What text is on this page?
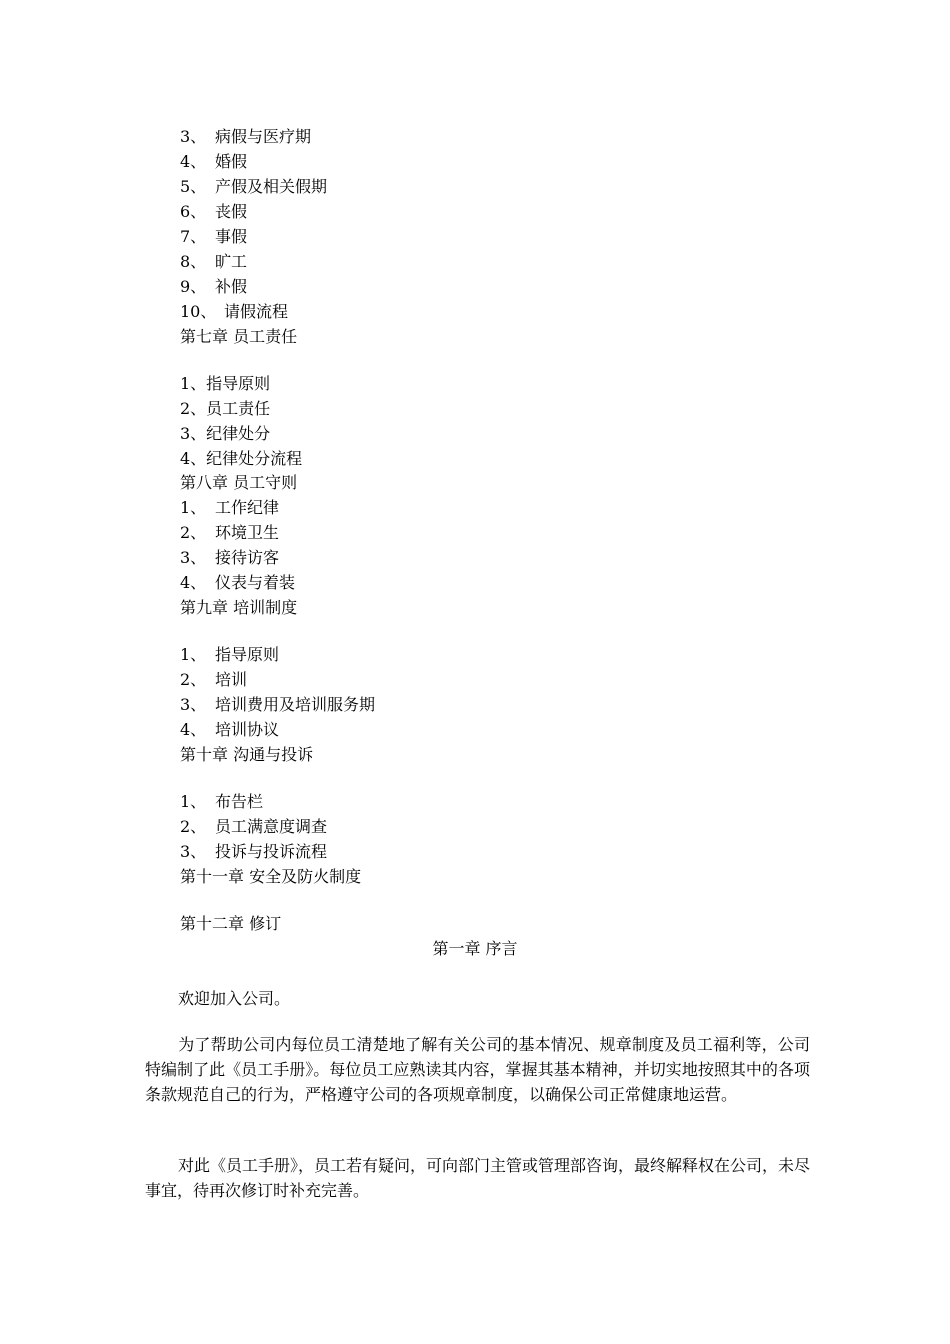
3、 病假与医疗期
4、 婚假
5、 产假及相关假期
6、 丧假
7、 事假
8、 旷工
9、 补假
10、 请假流程
第七章 员工责任
1、指导原则
2、员工责任
3、纪律处分
4、纪律处分流程
第八章 员工守则
1、 工作纪律
2、 环境卫生
3、 接待访客
4、 仪表与着装
第九章 培训制度
1、 指导原则
2、 培训
3、 培训费用及培训服务期
4、 培训协议
第十章 沟通与投诉
1、 布告栏
2、 员工满意度调查
3、 投诉与投诉流程
第十一章 安全及防火制度
第十二章 修订
第一章 序言
欢迎加入公司。
为了帮助公司内每位员工清楚地了解有关公司的基本情况、规章制度及员工福利等，公司特编制了此《员工手册》。每位员工应熟读其内容，掌握其基本精神，并切实地按照其中的各项条款规范自己的行为，严格遵守公司的各项规章制度，以确保公司正常健康地运营。
对此《员工手册》，员工若有疑问，可向部门主管或管理部咨询，最终解释权在公司，未尽事宜，待再次修订时补充完善。
